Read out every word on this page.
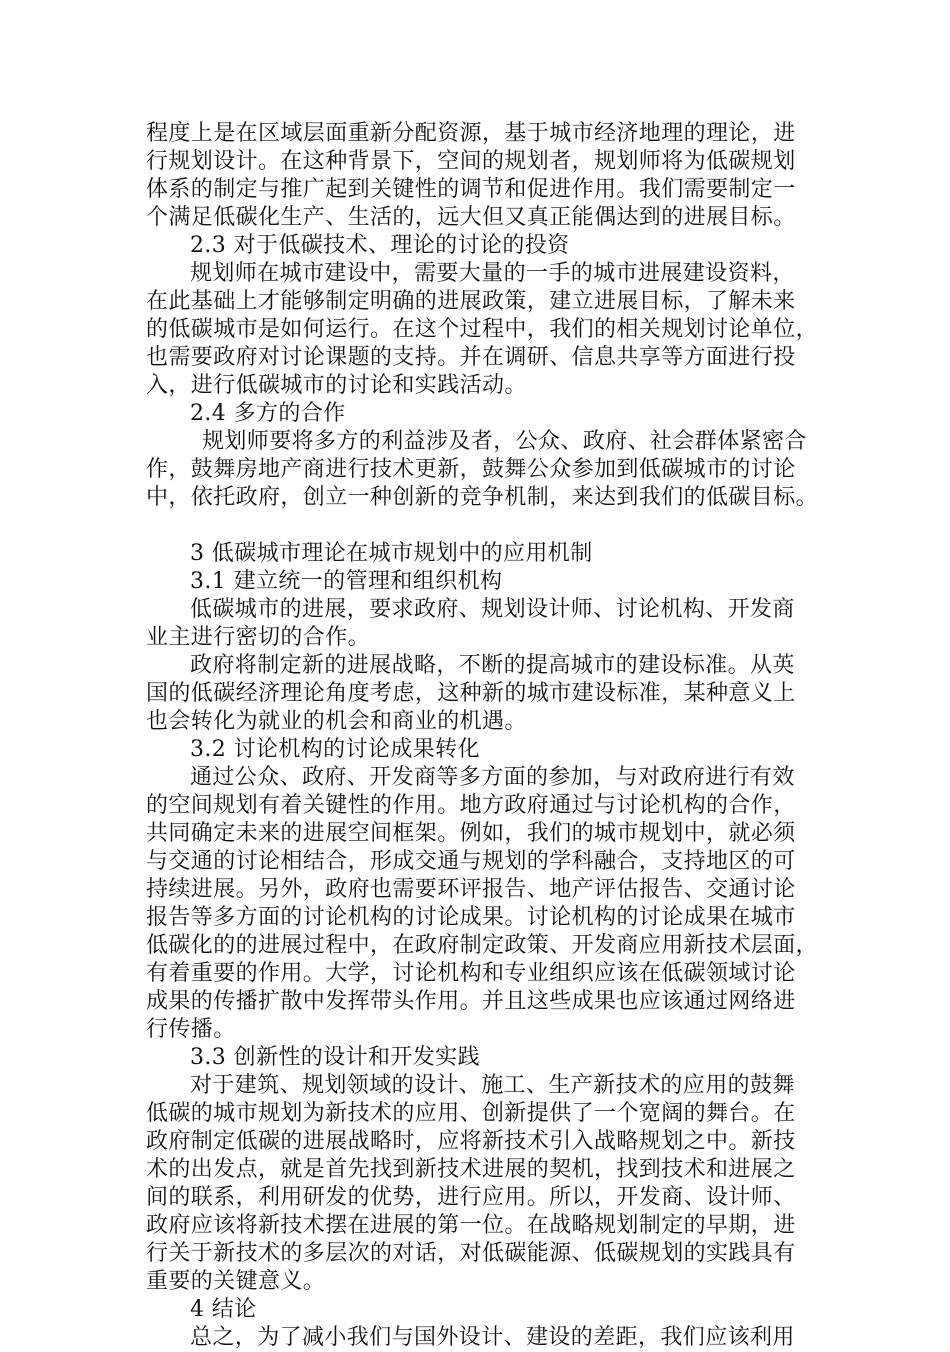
程度上是在区域层面重新分配资源，基于城市经济地理的理论，进
行规划设计。在这种背景下，空间的规划者，规划师将为低碳规划
体系的制定与推广起到关键性的调节和促进作用。我们需要制定一
个满足低碳化生产、生活的，远大但又真正能偶达到的进展目标。
2.3 对于低碳技术、理论的讨论的投资
规划师在城市建设中，需要大量的一手的城市进展建设资料，
在此基础上才能够制定明确的进展政策，建立进展目标，了解未来
的低碳城市是如何运行。在这个过程中，我们的相关规划讨论单位，
也需要政府对讨论课题的支持。并在调研、信息共享等方面进行投
入，进行低碳城市的讨论和实践活动。
2.4 多方的合作
规划师要将多方的利益涉及者，公众、政府、社会群体紧密合
作，鼓舞房地产商进行技术更新，鼓舞公众参加到低碳城市的讨论
中，依托政府，创立一种创新的竞争机制，来达到我们的低碳目标。
3 低碳城市理论在城市规划中的应用机制
3.1 建立统一的管理和组织机构
低碳城市的进展，要求政府、规划设计师、讨论机构、开发商
业主进行密切的合作。
政府将制定新的进展战略，不断的提高城市的建设标准。从英
国的低碳经济理论角度考虑，这种新的城市建设标准，某种意义上
也会转化为就业的机会和商业的机遇。
3.2 讨论机构的讨论成果转化
通过公众、政府、开发商等多方面的参加，与对政府进行有效
的空间规划有着关键性的作用。地方政府通过与讨论机构的合作，
共同确定未来的进展空间框架。例如，我们的城市规划中，就必须
与交通的讨论相结合，形成交通与规划的学科融合，支持地区的可
持续进展。另外，政府也需要环评报告、地产评估报告、交通讨论
报告等多方面的讨论机构的讨论成果。讨论机构的讨论成果在城市
低碳化的的进展过程中，在政府制定政策、开发商应用新技术层面，
有着重要的作用。大学，讨论机构和专业组织应该在低碳领域讨论
成果的传播扩散中发挥带头作用。并且这些成果也应该通过网络进
行传播。
3.3 创新性的设计和开发实践
对于建筑、规划领域的设计、施工、生产新技术的应用的鼓舞
低碳的城市规划为新技术的应用、创新提供了一个宽阔的舞台。在
政府制定低碳的进展战略时，应将新技术引入战略规划之中。新技
术的出发点，就是首先找到新技术进展的契机，找到技术和进展之
间的联系，利用研发的优势，进行应用。所以，开发商、设计师、
政府应该将新技术摆在进展的第一位。在战略规划制定的早期，进
行关于新技术的多层次的对话，对低碳能源、低碳规划的实践具有
重要的关键意义。
4 结论
总之，为了减小我们与国外设计、建设的差距，我们应该利用
